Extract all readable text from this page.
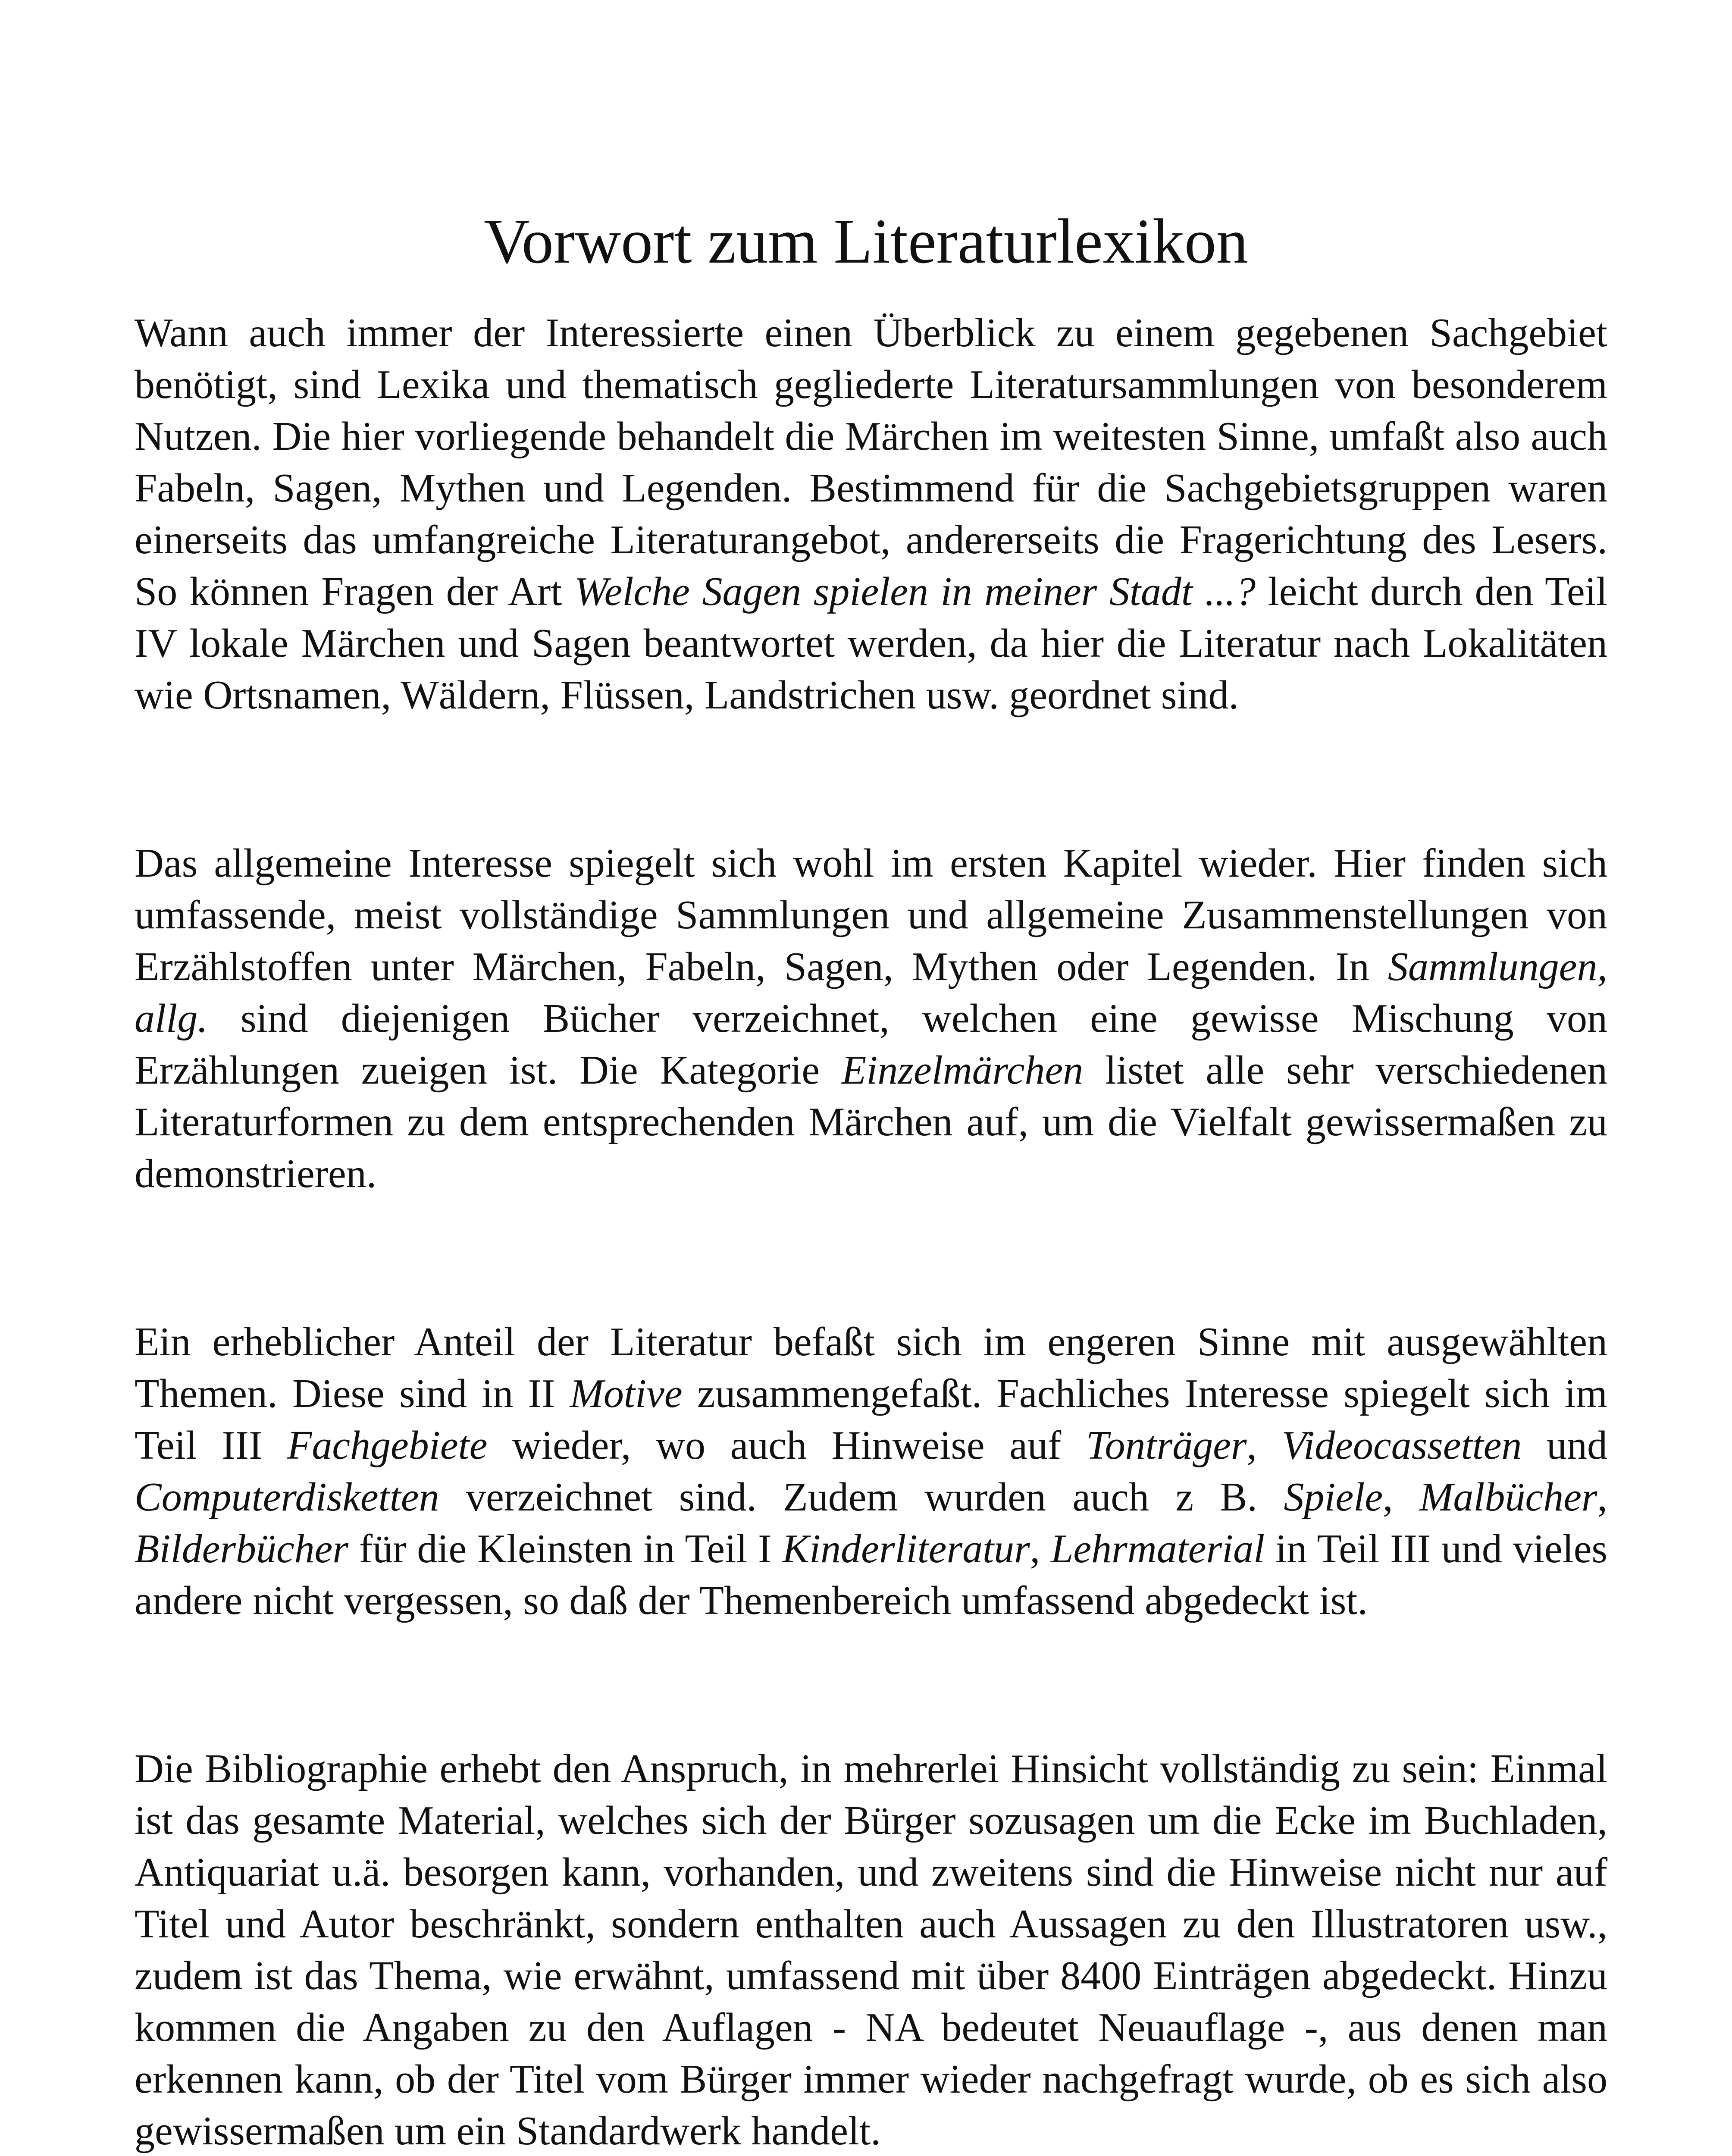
Vorwort zum Literaturlexikon

Wann auch immer der Interessierte einen Überblick zu einem gegebenen Sachgebiet benötigt, sind Lexika und thematisch gegliederte Literatursammlungen von besonderem Nutzen. Die hier vorliegende behandelt die Märchen im weitesten Sinne, umfaßt also auch Fabeln, Sagen, Mythen und Legenden. Bestimmend für die Sachgebietsgruppen waren einerseits das umfangreiche Literaturangebot, andererseits die Fragerichtung des Lesers. So können Fragen der Art Welche Sagen spielen in meiner Stadt ...? leicht durch den Teil IV lokale Märchen und Sagen beantwortet werden, da hier die Literatur nach Lokalitäten wie Ortsnamen, Wäldern, Flüssen, Landstrichen usw. geordnet sind.

Das allgemeine Interesse spiegelt sich wohl im ersten Kapitel wieder. Hier finden sich umfassende, meist vollständige Sammlungen und allgemeine Zusammenstellungen von Erzählstoffen unter Märchen, Fabeln, Sagen, Mythen oder Legenden. In Sammlungen, allg. sind diejenigen Bücher verzeichnet, welchen eine gewisse Mischung von Erzählungen zueigen ist. Die Kategorie Einzelmärchen listet alle sehr verschiedenen Literaturformen zu dem entsprechenden Märchen auf, um die Vielfalt gewissermaßen zu demonstrieren.

Ein erheblicher Anteil der Literatur befaßt sich im engeren Sinne mit ausgewählten Themen. Diese sind in II Motive zusammengefaßt. Fachliches Interesse spiegelt sich im Teil III Fachgebiete wieder, wo auch Hinweise auf Tonträger, Videocassetten und Computerdisketten verzeichnet sind. Zudem wurden auch z B. Spiele, Malbücher, Bilderbücher für die Kleinsten in Teil I Kinderliteratur, Lehrmaterial in Teil III und vieles andere nicht vergessen, so daß der Themenbereich umfassend abgedeckt ist.

Die Bibliographie erhebt den Anspruch, in mehrerlei Hinsicht vollständig zu sein: Einmal ist das gesamte Material, welches sich der Bürger sozusagen um die Ecke im Buchladen, Antiquariat u.ä. besorgen kann, vorhanden, und zweitens sind die Hinweise nicht nur auf Titel und Autor beschränkt, sondern enthalten auch Aussagen zu den Illustratoren usw., zudem ist das Thema, wie erwähnt, umfassend mit über 8400 Einträgen abgedeckt. Hinzu kommen die Angaben zu den Auflagen - NA bedeutet Neuauflage -, aus denen man erkennen kann, ob der Titel vom Bürger immer wieder nachgefragt wurde, ob es sich also gewissermaßen um ein Standardwerk handelt.
